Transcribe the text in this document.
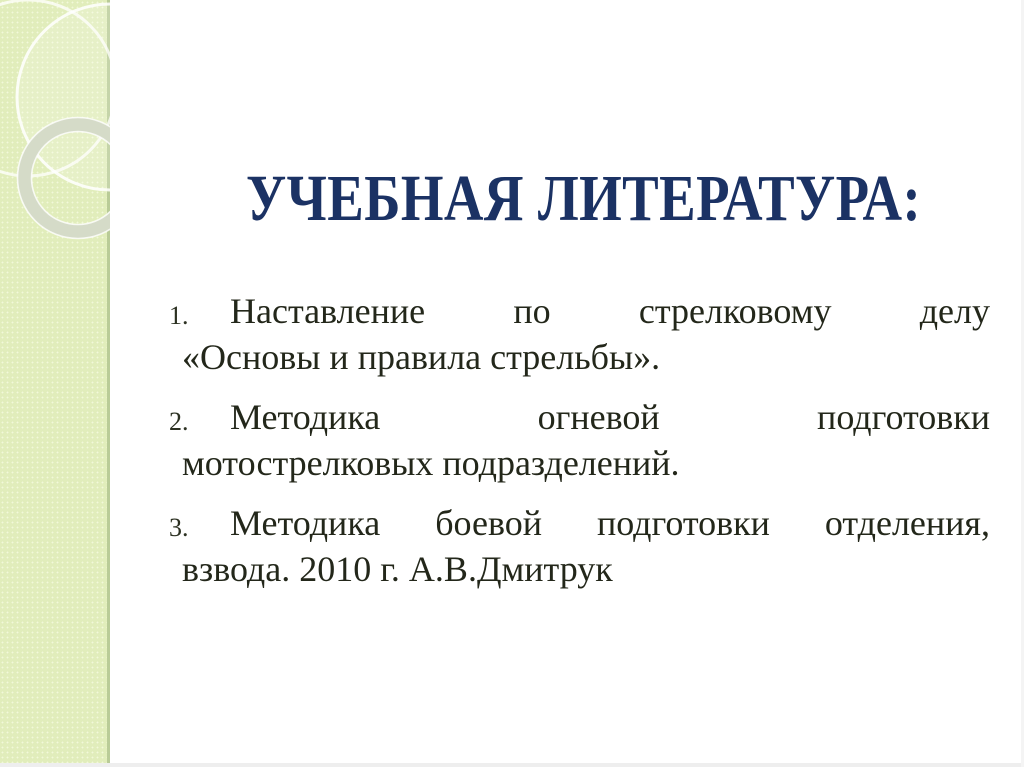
УЧЕБНАЯ ЛИТЕРАТУРА:
1.	Наставление по стрелковому делу
«Основы и правила стрельбы».
2.	Методика огневой подготовки
мотострелковых подразделений.
3.	Методика боевой подготовки отделения,
взвода. 2010 г. А.В.Дмитрук
